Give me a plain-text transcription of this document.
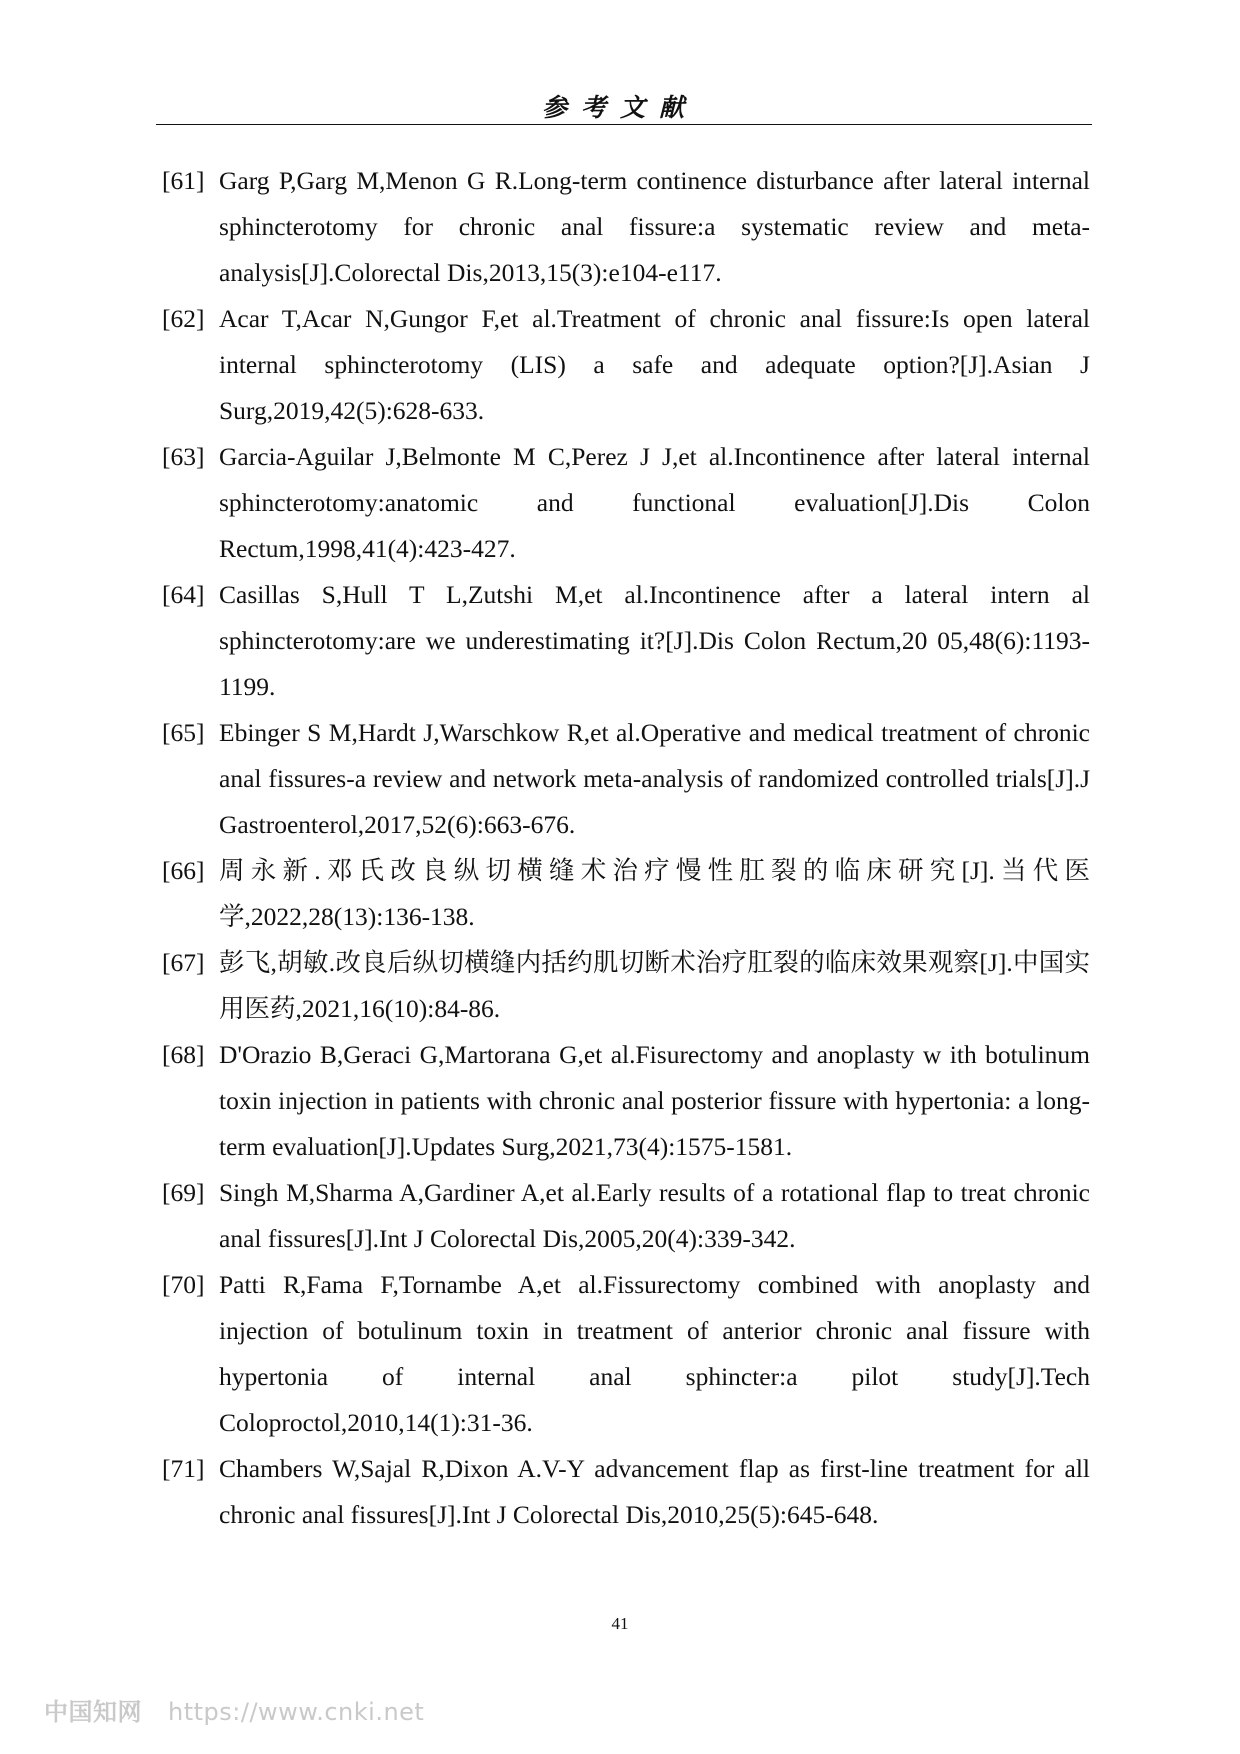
参考文献
[61] Garg P,Garg M,Menon G R.Long-term continence disturbance after lateral internal sphincterotomy for chronic anal fissure:a systematic review and meta-analysis[J].Colorectal Dis,2013,15(3):e104-e117.
[62] Acar T,Acar N,Gungor F,et al.Treatment of chronic anal fissure:Is open lateral internal sphincterotomy (LIS) a safe and adequate option?[J].Asian J Surg,2019,42(5):628-633.
[63] Garcia-Aguilar J,Belmonte M C,Perez J J,et al.Incontinence after lateral internal sphincterotomy:anatomic and functional evaluation[J].Dis Colon Rectum,1998,41(4):423-427.
[64] Casillas S,Hull T L,Zutshi M,et al.Incontinence after a lateral intern al sphincterotomy:are we underestimating it?[J].Dis Colon Rectum,20 05,48(6):1193-1199.
[65] Ebinger S M,Hardt J,Warschkow R,et al.Operative and medical treatment of chronic anal fissures-a review and network meta-analysis of randomized controlled trials[J].J Gastroenterol,2017,52(6):663-676.
[66] 周永新.邓氏改良纵切横缝术治疗慢性肛裂的临床研究[J].当代医学,2022,28(13):136-138.
[67] 彭飞,胡敏.改良后纵切横缝内括约肌切断术治疗肛裂的临床效果观察[J].中国实用医药,2021,16(10):84-86.
[68] D'Orazio B,Geraci G,Martorana G,et al.Fisurectomy and anoplasty w ith botulinum toxin injection in patients with chronic anal posterior fissure with hypertonia: a long-term evaluation[J].Updates Surg,2021,73(4):1575-1581.
[69] Singh M,Sharma A,Gardiner A,et al.Early results of a rotational flap to treat chronic anal fissures[J].Int J Colorectal Dis,2005,20(4):339-342.
[70] Patti R,Fama F,Tornambe A,et al.Fissurectomy combined with anoplasty and injection of botulinum toxin in treatment of anterior chronic anal fissure with hypertonia of internal anal sphincter:a pilot study[J].Tech Coloproctol,2010,14(1):31-36.
[71] Chambers W,Sajal R,Dixon A.V-Y advancement flap as first-line treatment for all chronic anal fissures[J].Int J Colorectal Dis,2010,25(5):645-648.
41
中国知网 https://www.cnki.net
